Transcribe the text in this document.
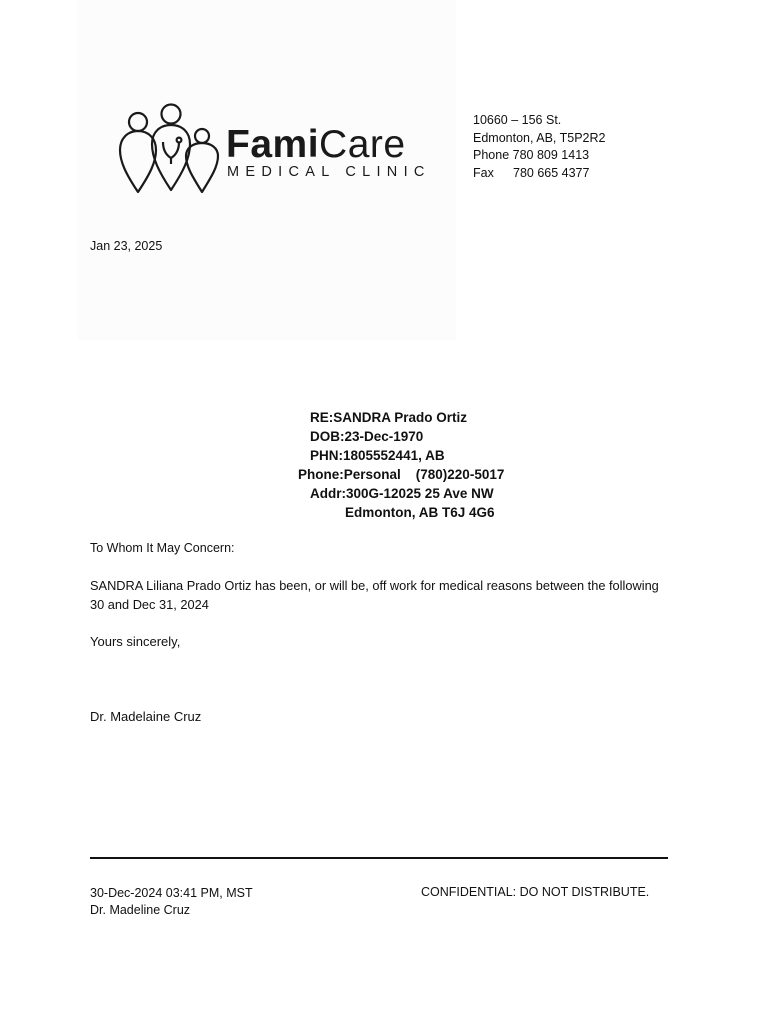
FamiCare
MEDICAL CLINIC
10660 – 156 St.
Edmonton, AB, T5P2R2
Phone 780 809 1413
Fax 780 665 4377
Jan 23, 2025
RE:SANDRA Prado Ortiz
DOB:23-Dec-1970
PHN:1805552441, AB
Phone:Personal    (780)220-5017
Addr:300G-12025 25 Ave NW
Edmonton, AB T6J 4G6
To Whom It May Concern:
SANDRA Liliana Prado Ortiz has been, or will be, off work for medical reasons between the following 30 and Dec 31, 2024
Yours sincerely,
Dr. Madelaine Cruz
30-Dec-2024 03:41 PM, MST
Dr. Madeline Cruz
CONFIDENTIAL: DO NOT DISTRIBUTE.
